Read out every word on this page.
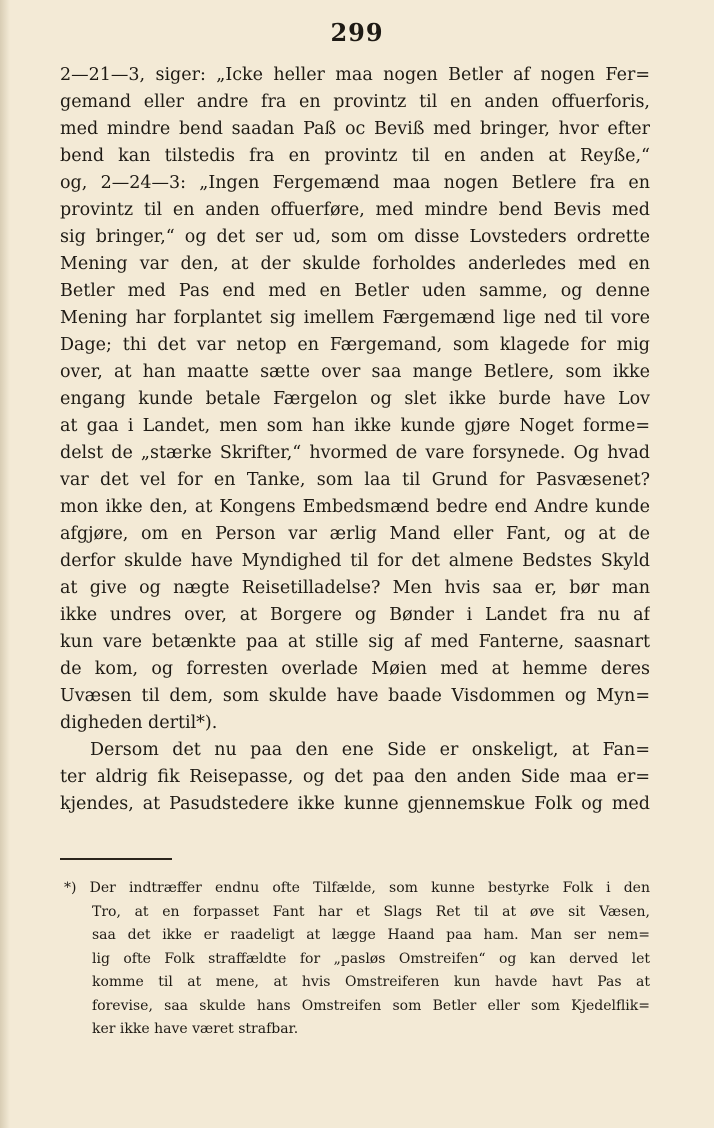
299
2—21—3, siger: „Icke heller maa nogen Betler af nogen Fer=
gemand eller andre fra en provintz til en anden offuerforis,
med mindre bend saadan Paß oc Beviß med bringer, hvor efter
bend kan tilstedis fra en provintz til en anden at Reyße,“
og, 2—24—3: „Ingen Fergemænd maa nogen Betlere fra en
provintz til en anden offuerføre, med mindre bend Bevis med
sig bringer,“ og det ser ud, som om disse Lovsteders ordrette
Mening var den, at der skulde forholdes anderledes med en
Betler med Pas end med en Betler uden samme, og denne
Mening har forplantet sig imellem Færgemænd lige ned til vore
Dage; thi det var netop en Færgemand, som klagede for mig
over, at han maatte sætte over saa mange Betlere, som ikke
engang kunde betale Færgelon og slet ikke burde have Lov
at gaa i Landet, men som han ikke kunde gjøre Noget forme=
delst de „stærke Skrifter,“ hvormed de vare forsynede. Og hvad
var det vel for en Tanke, som laa til Grund for Pasvæsenet?
mon ikke den, at Kongens Embedsmænd bedre end Andre kunde
afgjøre, om en Person var ærlig Mand eller Fant, og at de
derfor skulde have Myndighed til for det almene Bedstes Skyld
at give og nægte Reisetilladelse? Men hvis saa er, bør man
ikke undres over, at Borgere og Bønder i Landet fra nu af
kun vare betænkte paa at stille sig af med Fanterne, saasnart
de kom, og forresten overlade Møien med at hemme deres
Uvæsen til dem, som skulde have baade Visdommen og Myn=
digheden dertil*).
Dersom det nu paa den ene Side er onskeligt, at Fan=
ter aldrig fik Reisepasse, og det paa den anden Side maa er=
kjendes, at Pasudstedere ikke kunne gjennemskue Folk og med
*) Der indtræffer endnu ofte Tilfælde, som kunne bestyrke Folk i den
Tro, at en forpasset Fant har et Slags Ret til at øve sit Væsen,
saa det ikke er raadeligt at lægge Haand paa ham. Man ser nem=
lig ofte Folk straffældte for „pasløs Omstreifen“ og kan derved let
komme til at mene, at hvis Omstreiferen kun havde havt Pas at
forevise, saa skulde hans Omstreifen som Betler eller som Kjedelflik=
ker ikke have været strafbar.
